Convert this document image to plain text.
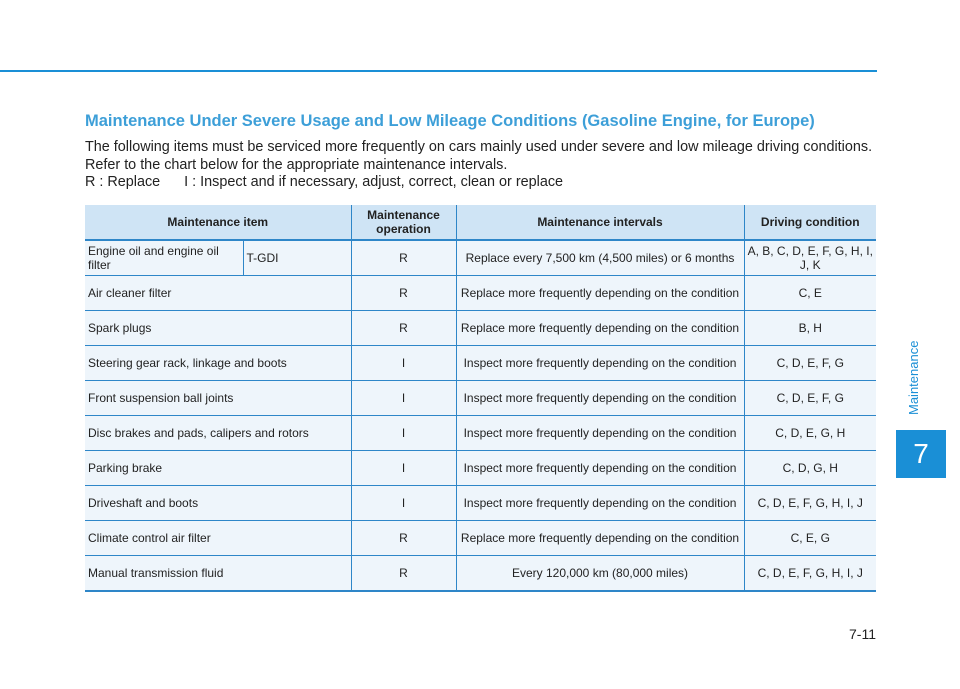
Maintenance Under Severe Usage and Low Mileage Conditions (Gasoline Engine, for Europe)
The following items must be serviced more frequently on cars mainly used under severe and low mileage driving conditions. Refer to the chart below for the appropriate maintenance intervals.
R : Replace      I : Inspect and if necessary, adjust, correct, clean or replace
Maintenance item		Maintenance operation	Maintenance intervals	Driving condition
Engine oil and engine oil filter	T-GDI	R	Replace every 7,500 km (4,500 miles) or 6 months	A, B, C, D, E, F, G, H, I, J, K
Air cleaner filter		R	Replace more frequently depending on the condition	C, E
Spark plugs		R	Replace more frequently depending on the condition	B, H
Steering gear rack, linkage and boots		I	Inspect more frequently depending on the condition	C, D, E, F, G
Front suspension ball joints		I	Inspect more frequently depending on the condition	C, D, E, F, G
Disc brakes and pads, calipers and rotors		I	Inspect more frequently depending on the condition	C, D, E, G, H
Parking brake		I	Inspect more frequently depending on the condition	C, D, G, H
Driveshaft and boots		I	Inspect more frequently depending on the condition	C, D, E, F, G, H, I, J
Climate control air filter		R	Replace more frequently depending on the condition	C, E, G
Manual transmission fluid		R	Every 120,000 km (80,000 miles)	C, D, E, F, G, H, I, J
Maintenance
7
7-11
